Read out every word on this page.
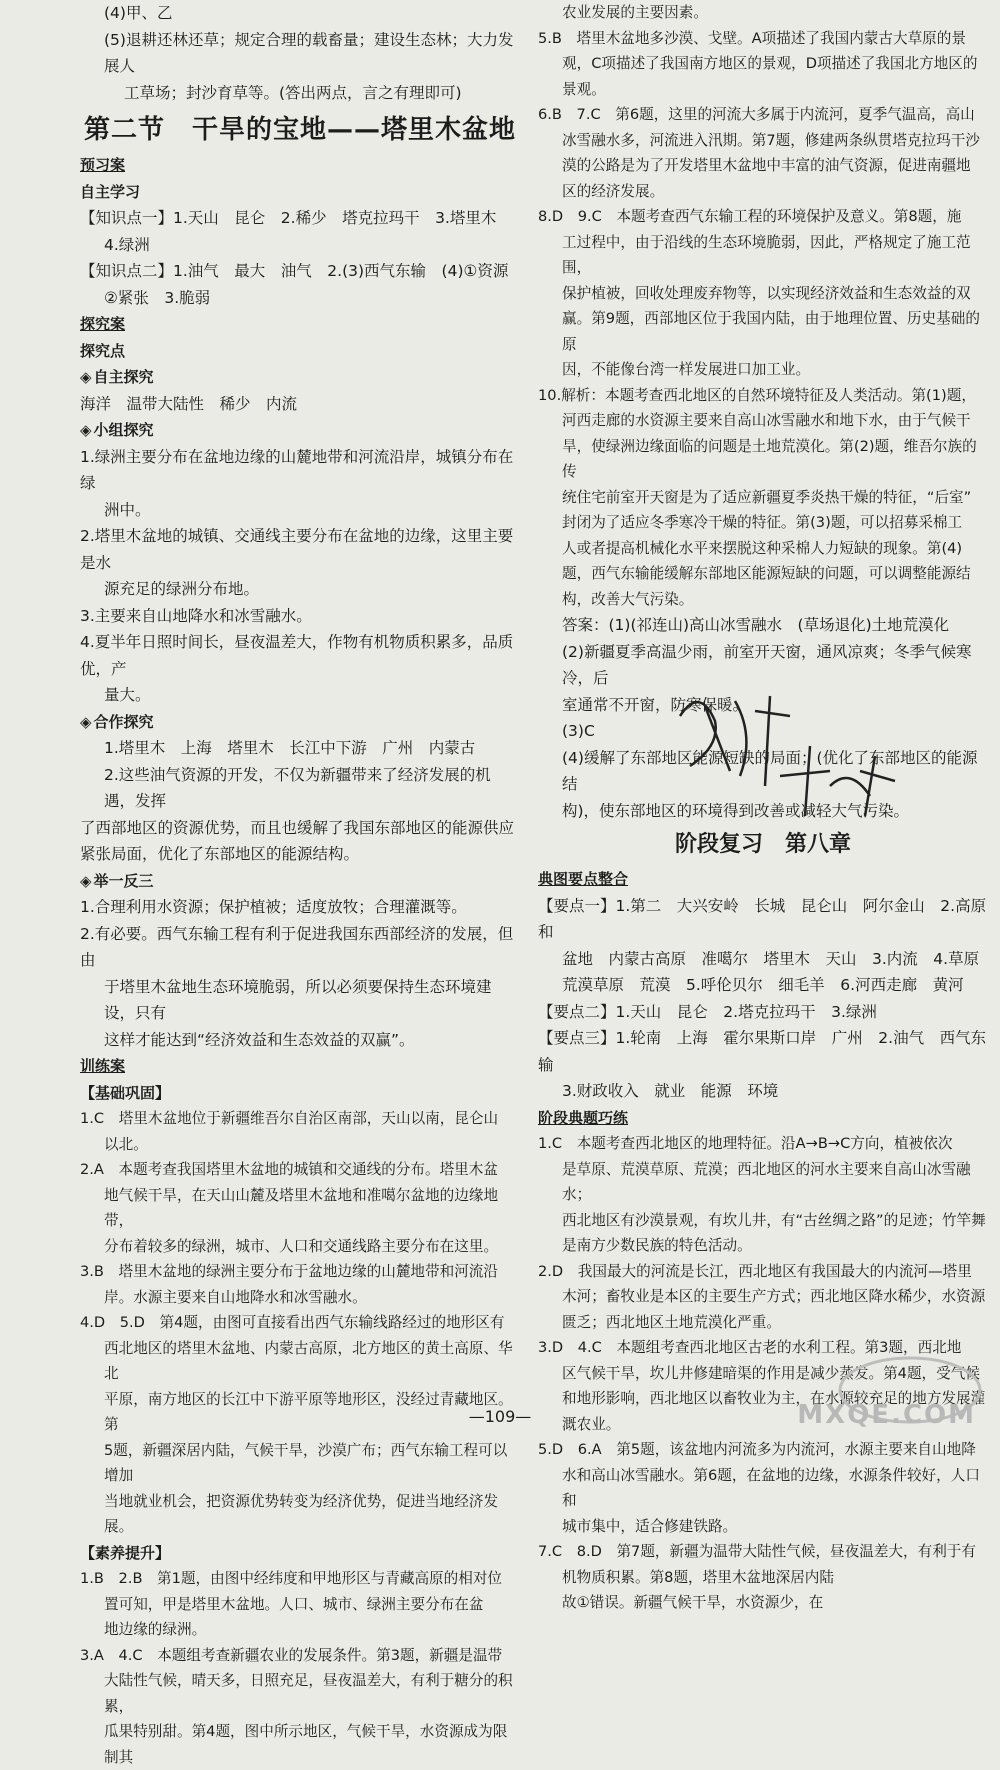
(4)甲、乙

(5)退耕还林还草；规定合理的载畜量；建设生态林；大力发展人

工草场；封沙育草等。(答出两点，言之有理即可)

第二节　干旱的宝地——塔里木盆地

预习案

自主学习

【知识点一】1.天山　昆仑　2.稀少　塔克拉玛干　3.塔里木

4.绿洲

【知识点二】1.油气　最大　油气　2.(3)西气东输　(4)①资源

②紧张　3.脆弱

探究案

探究点

◈ 自主探究

海洋　温带大陆性　稀少　内流

◈ 小组探究

1.绿洲主要分布在盆地边缘的山麓地带和河流沿岸，城镇分布在绿

洲中。

2.塔里木盆地的城镇、交通线主要分布在盆地的边缘，这里主要是水

源充足的绿洲分布地。

3.主要来自山地降水和冰雪融水。

4.夏半年日照时间长，昼夜温差大，作物有机物质积累多，品质优，产

量大。

◈ 合作探究

1.塔里木　上海　塔里木　长江中下游　广州　内蒙古

2.这些油气资源的开发，不仅为新疆带来了经济发展的机遇，发挥

了西部地区的资源优势，而且也缓解了我国东部地区的能源供应

紧张局面，优化了东部地区的能源结构。

◈ 举一反三

1.合理利用水资源；保护植被；适度放牧；合理灌溉等。

2.有必要。西气东输工程有利于促进我国东西部经济的发展，但由

于塔里木盆地生态环境脆弱，所以必须要保持生态环境建设，只有

这样才能达到“经济效益和生态效益的双赢”。

训练案

【基础巩固】

1.C　塔里木盆地位于新疆维吾尔自治区南部，天山以南，昆仑山

以北。

2.A　本题考查我国塔里木盆地的城镇和交通线的分布。塔里木盆

地气候干旱，在天山山麓及塔里木盆地和准噶尔盆地的边缘地带，

分布着较多的绿洲，城市、人口和交通线路主要分布在这里。

3.B　塔里木盆地的绿洲主要分布于盆地边缘的山麓地带和河流沿

岸。水源主要来自山地降水和冰雪融水。

4.D　5.D　第4题，由图可直接看出西气东输线路经过的地形区有

西北地区的塔里木盆地、内蒙古高原，北方地区的黄土高原、华北

平原，南方地区的长江中下游平原等地形区，没经过青藏地区。第

5题，新疆深居内陆，气候干旱，沙漠广布；西气东输工程可以增加

当地就业机会，把资源优势转变为经济优势，促进当地经济发展。

【素养提升】

1.B　2.B　第1题，由图中经纬度和甲地形区与青藏高原的相对位

置可知，甲是塔里木盆地。人口、城市、绿洲主要分布在盆

地边缘的绿洲。

3.A　4.C　本题组考查新疆农业的发展条件。第3题，新疆是温带

大陆性气候，晴天多，日照充足，昼夜温差大，有利于糖分的积累，

瓜果特别甜。第4题，图中所示地区，气候干旱，水资源成为限制其

农业发展的主要因素。

5.B　塔里木盆地多沙漠、戈壁。A项描述了我国内蒙古大草原的景

观，C项描述了我国南方地区的景观，D项描述了我国北方地区的

景观。

6.B　7.C　第6题，这里的河流大多属于内流河，夏季气温高，高山

冰雪融水多，河流进入汛期。第7题，修建两条纵贯塔克拉玛干沙

漠的公路是为了开发塔里木盆地中丰富的油气资源，促进南疆地

区的经济发展。

8.D　9.C　本题考查西气东输工程的环境保护及意义。第8题，施

工过程中，由于沿线的生态环境脆弱，因此，严格规定了施工范围，

保护植被，回收处理废弃物等，以实现经济效益和生态效益的双

赢。第9题，西部地区位于我国内陆，由于地理位置、历史基础的原

因，不能像台湾一样发展进口加工业。

10.解析：本题考查西北地区的自然环境特征及人类活动。第(1)题，

河西走廊的水资源主要来自高山冰雪融水和地下水，由于气候干

旱，使绿洲边缘面临的问题是土地荒漠化。第(2)题，维吾尔族的传

统住宅前室开天窗是为了适应新疆夏季炎热干燥的特征，“后室”

封闭为了适应冬季寒冷干燥的特征。第(3)题，可以招募采棉工

人或者提高机械化水平来摆脱这种采棉人力短缺的现象。第(4)

题，西气东输能缓解东部地区能源短缺的问题，可以调整能源结

构，改善大气污染。

答案：(1)(祁连山)高山冰雪融水　(草场退化)土地荒漠化

(2)新疆夏季高温少雨，前室开天窗，通风凉爽；冬季气候寒冷，后

室通常不开窗，防寒保暖。

(3)C

(4)缓解了东部地区能源短缺的局面；(优化了东部地区的能源结

构)，使东部地区的环境得到改善或减轻大气污染。

阶段复习　第八章

典图要点整合

【要点一】1.第二　大兴安岭　长城　昆仑山　阿尔金山　2.高原和

盆地　内蒙古高原　准噶尔　塔里木　天山　3.内流　4.草原

荒漠草原　荒漠　5.呼伦贝尔　细毛羊　6.河西走廊　黄河

【要点二】1.天山　昆仑　2.塔克拉玛干　3.绿洲

【要点三】1.轮南　上海　霍尔果斯口岸　广州　2.油气　西气东输

3.财政收入　就业　能源　环境

阶段典题巧练

1.C　本题考查西北地区的地理特征。沿A→B→C方向，植被依次

是草原、荒漠草原、荒漠；西北地区的河水主要来自高山冰雪融水；

西北地区有沙漠景观，有坎儿井，有“古丝绸之路”的足迹；竹竿舞

是南方少数民族的特色活动。

2.D　我国最大的河流是长江，西北地区有我国最大的内流河—塔里

木河；畜牧业是本区的主要生产方式；西北地区降水稀少，水资源

匮乏；西北地区土地荒漠化严重。

3.D　4.C　本题组考查西北地区古老的水利工程。第3题，西北地

区气候干旱，坎儿井修建暗渠的作用是减少蒸发。第4题，受气候

和地形影响，西北地区以畜牧业为主，在水源较充足的地方发展灌

溉农业。

5.D　6.A　第5题，该盆地内河流多为内流河，水源主要来自山地降

水和高山冰雪融水。第6题，在盆地的边缘，水源条件较好，人口和

城市集中，适合修建铁路。

7.C　8.D　第7题，新疆为温带大陆性气候，昼夜温差大，有利于有

机物质积累。第8题，塔里木盆地深居内陆

故①错误。新疆气候干旱，水资源少，在

MXQE.COM
—109—
